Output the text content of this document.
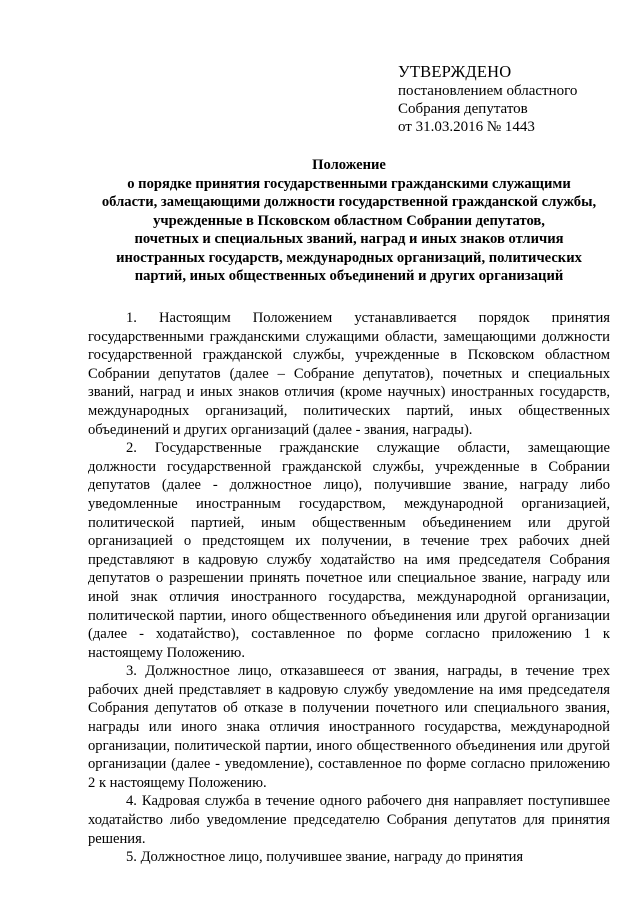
УТВЕРЖДЕНО
постановлением областного
Собрания депутатов
от 31.03.2016 № 1443
Положение
о порядке принятия государственными гражданскими служащими
области, замещающими должности государственной гражданской службы,
учрежденные в Псковском областном Собрании депутатов,
почетных и специальных званий, наград и иных знаков отличия
иностранных государств, международных организаций, политических
партий, иных общественных объединений и других организаций

1. Настоящим Положением устанавливается порядок принятия государственными гражданскими служащими области, замещающими должности государственной гражданской службы, учрежденные в Псковском областном Собрании депутатов (далее – Собрание депутатов), почетных и специальных званий, наград и иных знаков отличия (кроме научных) иностранных государств, международных организаций, политических партий, иных общественных объединений и других организаций (далее - звания, награды).

2. Государственные гражданские служащие области, замещающие должности государственной гражданской службы, учрежденные в Собрании депутатов (далее - должностное лицо), получившие звание, награду либо уведомленные иностранным государством, международной организацией, политической партией, иным общественным объединением или другой организацией о предстоящем их получении, в течение трех рабочих дней представляют в кадровую службу ходатайство на имя председателя Собрания депутатов о разрешении принять почетное или специальное звание, награду или иной знак отличия иностранного государства, международной организации, политической партии, иного общественного объединения или другой организации (далее - ходатайство), составленное по форме согласно приложению 1 к настоящему Положению.

3. Должностное лицо, отказавшееся от звания, награды, в течение трех рабочих дней представляет в кадровую службу уведомление на имя председателя Собрания депутатов об отказе в получении почетного или специального звания, награды или иного знака отличия иностранного государства, международной организации, политической партии, иного общественного объединения или другой организации (далее - уведомление), составленное по форме согласно приложению 2 к настоящему Положению.

4. Кадровая служба в течение одного рабочего дня направляет поступившее ходатайство либо уведомление председателю Собрания депутатов для принятия решения.

5. Должностное лицо, получившее звание, награду до принятия
